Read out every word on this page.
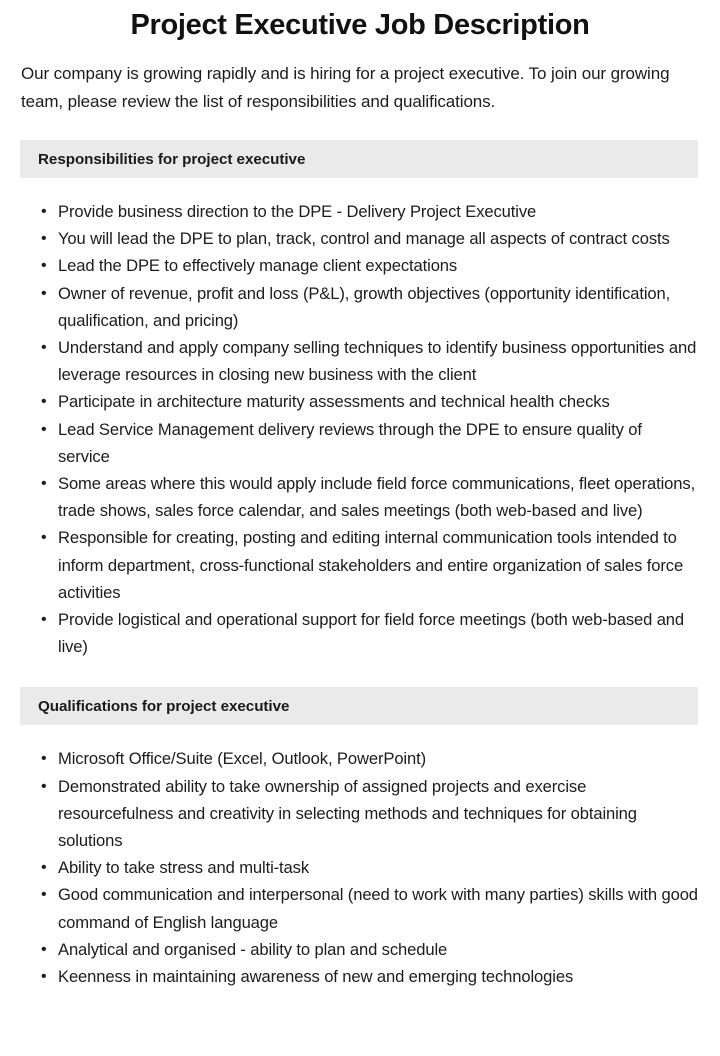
Project Executive Job Description

Our company is growing rapidly and is hiring for a project executive. To join our growing team, please review the list of responsibilities and qualifications.

Responsibilities for project executive
• Provide business direction to the DPE - Delivery Project Executive
• You will lead the DPE to plan, track, control and manage all aspects of contract costs
• Lead the DPE to effectively manage client expectations
• Owner of revenue, profit and loss (P&L), growth objectives (opportunity identification, qualification, and pricing)
• Understand and apply company selling techniques to identify business opportunities and leverage resources in closing new business with the client
• Participate in architecture maturity assessments and technical health checks
• Lead Service Management delivery reviews through the DPE to ensure quality of service
• Some areas where this would apply include field force communications, fleet operations, trade shows, sales force calendar, and sales meetings (both web-based and live)
• Responsible for creating, posting and editing internal communication tools intended to inform department, cross-functional stakeholders and entire organization of sales force activities
• Provide logistical and operational support for field force meetings (both web-based and live)
Qualifications for project executive
• Microsoft Office/Suite (Excel, Outlook, PowerPoint)
• Demonstrated ability to take ownership of assigned projects and exercise resourcefulness and creativity in selecting methods and techniques for obtaining solutions
• Ability to take stress and multi-task
• Good communication and interpersonal (need to work with many parties) skills with good command of English language
• Analytical and organised - ability to plan and schedule
• Keenness in maintaining awareness of new and emerging technologies
